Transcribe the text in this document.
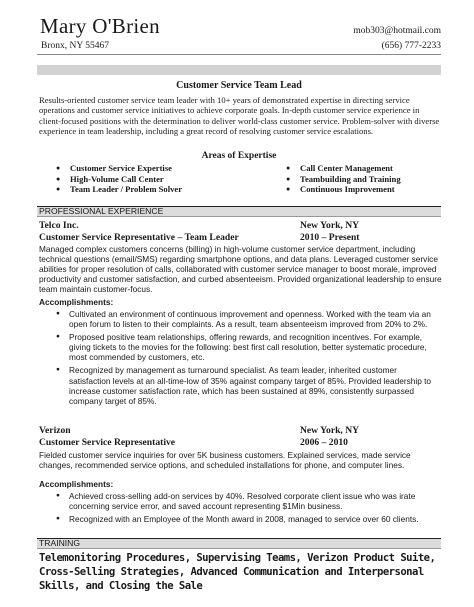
Mary O'Brien
Bronx, NY 55467
mob303@hotmail.com
(656) 777-2233
Customer Service Team Lead

Results-oriented customer service team leader with 10+ years of demonstrated expertise in directing service operations and customer service initiatives to achieve corporate goals. In-depth customer service experience in client-focused positions with the determination to deliver world-class customer service. Problem-solver with diverse experience in team leadership, including a great record of resolving customer service escalations.

Areas of Expertise
● Customer Service Expertise
● High-Volume Call Center
● Team Leader / Problem Solver
● Call Center Management
● Teambuilding and Training
● Continuous Improvement
PROFESSIONAL EXPERIENCE
Telco Inc.	New York, NY
Customer Service Representative – Team Leader	2010 – Present

Managed complex customers concerns (billing) in high-volume customer service department, including technical questions (email/SMS) regarding smartphone options, and data plans. Leveraged customer service abilities for proper resolution of calls, collaborated with customer service manager to boost morale, improved productivity and customer satisfaction, and curbed absenteeism. Provided organizational leadership to ensure team maintain customer-focus.

Accomplishments:
● Cultivated an environment of continuous improvement and openness. Worked with the team via an open forum to listen to their complaints. As a result, team absenteeism improved from 20% to 2%.
● Proposed positive team relationships, offering rewards, and recognition incentives. For example, giving tickets to the movies for the following: best first call resolution, better systematic procedure, most commended by customers, etc.
● Recognized by management as turnaround specialist. As team leader, inherited customer satisfaction levels at an all-time-low of 35% against company target of 85%. Provided leadership to increase customer satisfaction rate, which has been sustained at 89%, consistently surpassed company target of 85%.
Verizon	New York, NY
Customer Service Representative	2006 – 2010

Fielded customer service inquiries for over 5K business customers. Explained services, made service changes, recommended service options, and scheduled installations for phone, and computer lines.

Accomplishments:
● Achieved cross-selling add-on services by 40%. Resolved corporate client issue who was irate concerning service error, and saved account representing $1Min business.
● Recognized with an Employee of the Month award in 2008, managed to service over 60 clients.
TRAINING

Telemonitoring Procedures, Supervising Teams, Verizon Product Suite, Cross-Selling Strategies, Advanced Communication and Interpersonal Skills, and Closing the Sale
